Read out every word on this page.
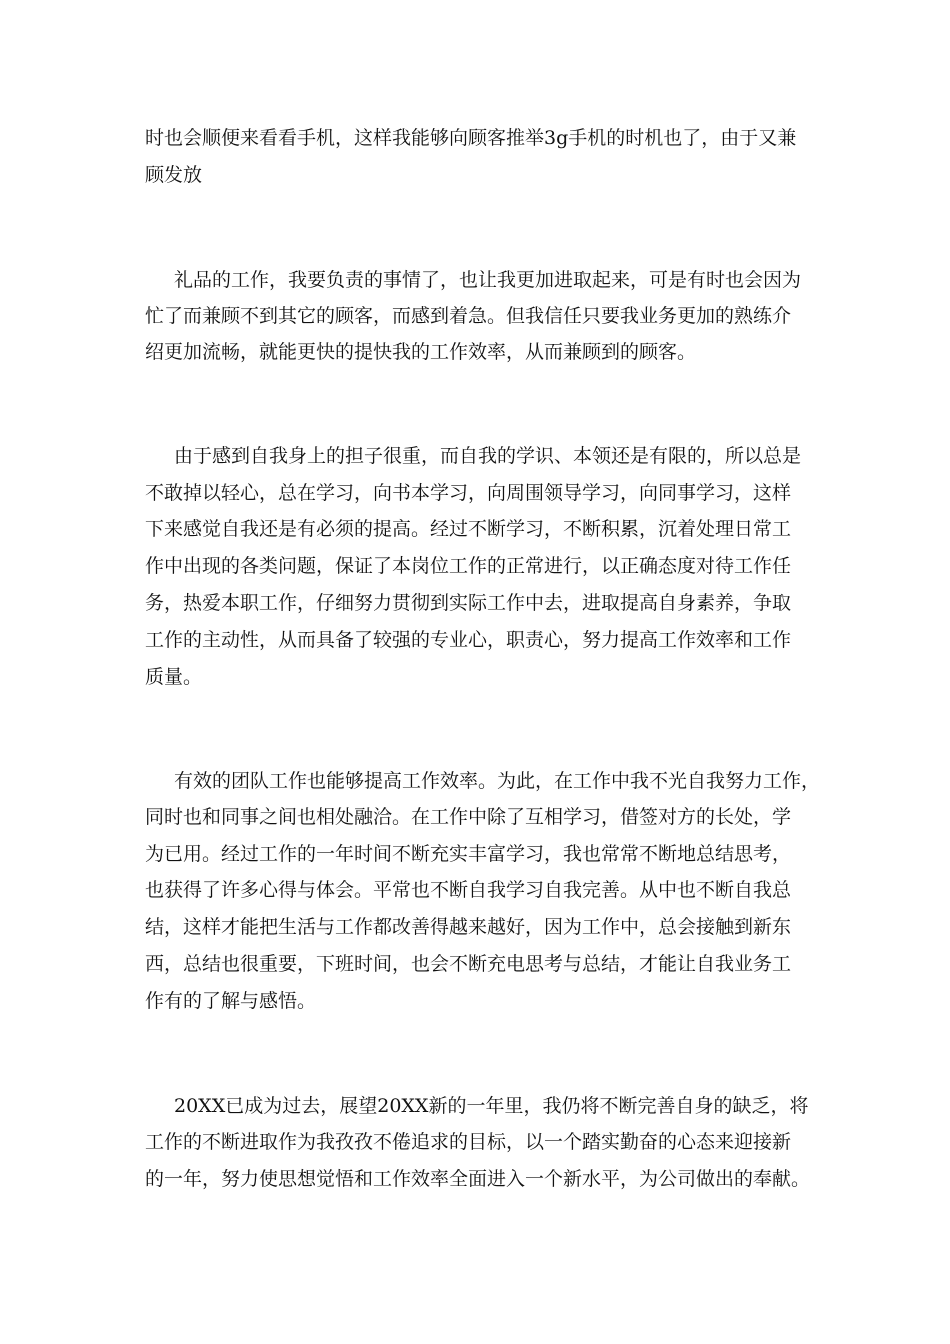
时也会顺便来看看手机，这样我能够向顾客推举3g手机的时机也了，由于又兼
顾发放
礼品的工作，我要负责的事情了，也让我更加进取起来，可是有时也会因为
忙了而兼顾不到其它的顾客，而感到着急。但我信任只要我业务更加的熟练介
绍更加流畅，就能更快的提快我的工作效率，从而兼顾到的顾客。
由于感到自我身上的担子很重，而自我的学识、本领还是有限的，所以总是
不敢掉以轻心，总在学习，向书本学习，向周围领导学习，向同事学习，这样
下来感觉自我还是有必须的提高。经过不断学习，不断积累，沉着处理日常工
作中出现的各类问题，保证了本岗位工作的正常进行，以正确态度对待工作任
务，热爱本职工作，仔细努力贯彻到实际工作中去，进取提高自身素养，争取
工作的主动性，从而具备了较强的专业心，职责心，努力提高工作效率和工作
质量。
有效的团队工作也能够提高工作效率。为此，在工作中我不光自我努力工作，
同时也和同事之间也相处融洽。在工作中除了互相学习，借签对方的长处，学
为已用。经过工作的一年时间不断充实丰富学习，我也常常不断地总结思考，
也获得了许多心得与体会。平常也不断自我学习自我完善。从中也不断自我总
结，这样才能把生活与工作都改善得越来越好，因为工作中，总会接触到新东
西，总结也很重要，下班时间，也会不断充电思考与总结，才能让自我业务工
作有的了解与感悟。
20XX已成为过去，展望20XX新的一年里，我仍将不断完善自身的缺乏，将
工作的不断进取作为我孜孜不倦追求的目标，以一个踏实勤奋的心态来迎接新
的一年，努力使思想觉悟和工作效率全面进入一个新水平，为公司做出的奉献。
